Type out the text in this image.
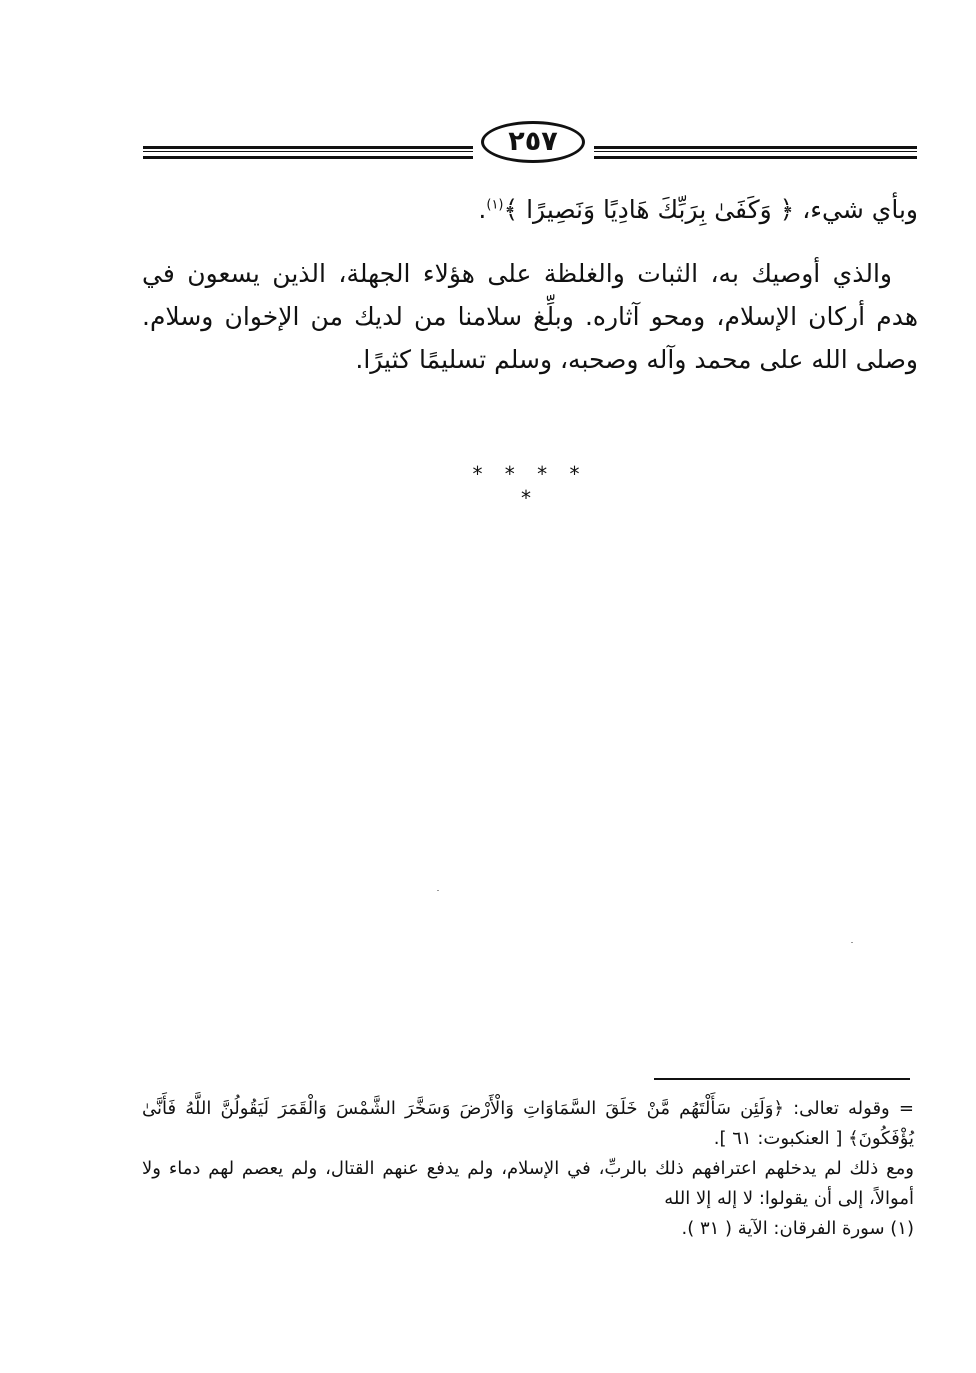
٢٥٧
وبأي شيء، ﴿ وَكَفَىٰ بِرَبِّكَ هَادِيًا وَنَصِيرًا ﴾$^{(١)}$.
والذي أوصيك به، الثبات والغلظة على هؤلاء الجهلة، الذين يسعون في هدم أركان الإسلام، ومحو آثاره. وبلِّغ سلامنا من لديك من الإخوان وسلام. وصلى الله على محمد وآله وصحبه، وسلم تسليمًا كثيرًا.
* * * * *

= وقوله تعالى: ﴿وَلَئِن سَأَلْتَهُم مَّنْ خَلَقَ السَّمَاوَاتِ وَالْأَرْضَ وَسَخَّرَ الشَّمْسَ وَالْقَمَرَ لَيَقُولُنَّ اللَّهُ فَأَنَّىٰ يُؤْفَكُونَ﴾ [ العنكبوت: ٦١ ].

ومع ذلك لم يدخلهم اعترافهم ذلك بالربِّ، في الإسلام، ولم يدفع عنهم القتال، ولم يعصم لهم دماء ولا أموالاً، إلى أن يقولوا: لا إله إلا الله

(١) سورة الفرقان: الآية ( ٣١ ).
